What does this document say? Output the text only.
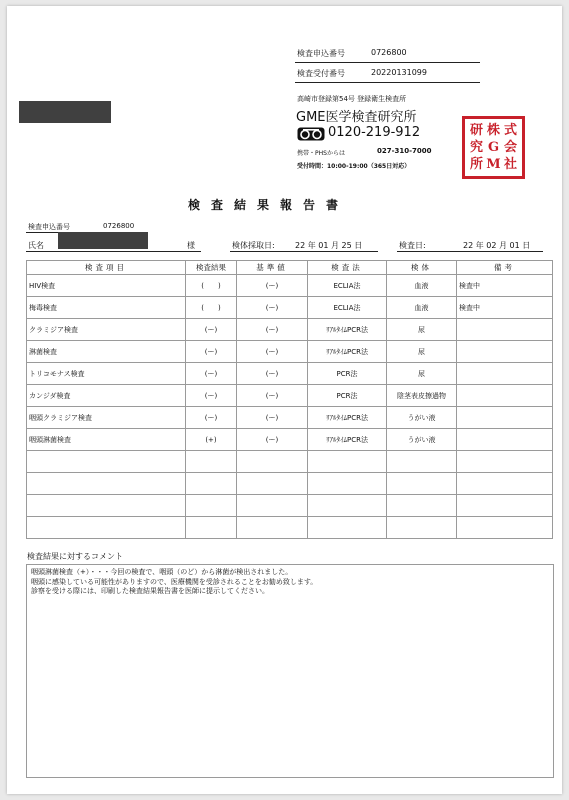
検査申込番号	0726800
検査受付番号	20220131099
高崎市登録第54号 登録衛生検査所
GME医学検査研究所
0120-219-912
携帯・PHSからは	027-310-7000
受付時間：10:00-19:00（365日対応）
研 株 式
究 G 会
所 M 社
検査結果報告書
検査申込番号	0726800
氏名	様	検体採取日:	22 年 01 月 25 日	検査日:	22 年 02 月 01 日
検査項目	検査結果	基準値	検査法	検体	備考
HIV検査	(　　)	(ー)	ECLIA法	血液	検査中
梅毒検査	(　　)	(ー)	ECLIA法	血液	検査中
クラミジア検査	(ー)	(ー)	ﾘｱﾙﾀｲﾑPCR法	尿	
淋菌検査	(ー)	(ー)	ﾘｱﾙﾀｲﾑPCR法	尿	
トリコモナス検査	(ー)	(ー)	PCR法	尿	
カンジダ検査	(ー)	(ー)	PCR法	陰茎表皮擦過物	
咽頭クラミジア検査	(ー)	(ー)	ﾘｱﾙﾀｲﾑPCR法	うがい液	
咽頭淋菌検査	(+)	(ー)	ﾘｱﾙﾀｲﾑPCR法	うがい液	

検査結果に対するコメント
咽頭淋菌検査（+）・・・今回の検査で、咽頭（のど）から淋菌が検出されました。
咽頭に感染している可能性がありますので、医療機関を受診されることをお勧め致します。
診察を受ける際には、印刷した検査結果報告書を医師に提示してください。
